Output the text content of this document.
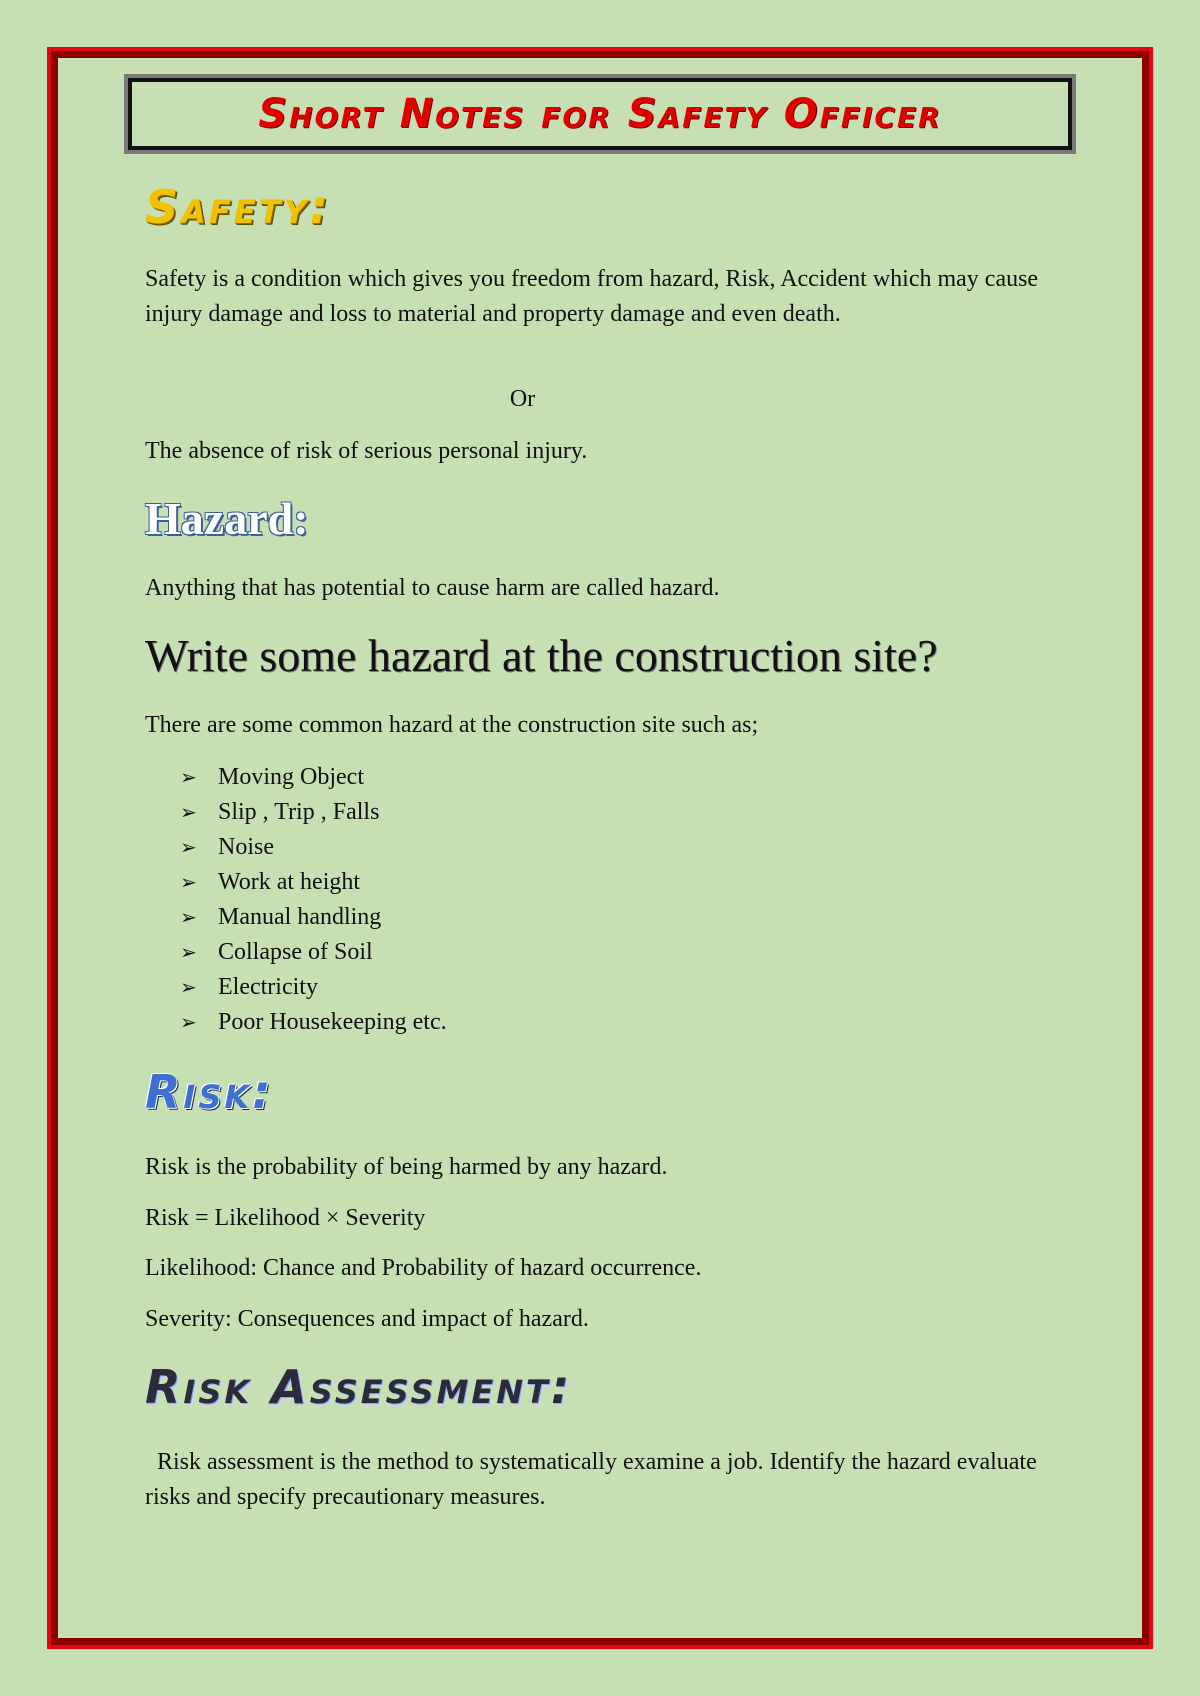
Short Notes for Safety Officer
Safety:

Safety is a condition which gives you freedom from hazard, Risk, Accident which may cause injury damage and loss to material and property damage and even death.

Or

The absence of risk of serious personal injury.

Hazard:

Anything that has potential to cause harm are called hazard.

Write some hazard at the construction site?

There are some common hazard at the construction site such as;

➢ Moving Object
➢ Slip , Trip , Falls
➢ Noise
➢ Work at height
➢ Manual handling
➢ Collapse of Soil
➢ Electricity
➢ Poor Housekeeping etc.
Risk:

Risk is the probability of being harmed by any hazard.

Risk = Likelihood × Severity

Likelihood: Chance and Probability of hazard occurrence.

Severity: Consequences and impact of hazard.

Risk Assessment:

Risk assessment is the method to systematically examine a job. Identify the hazard evaluate risks and specify precautionary measures.
